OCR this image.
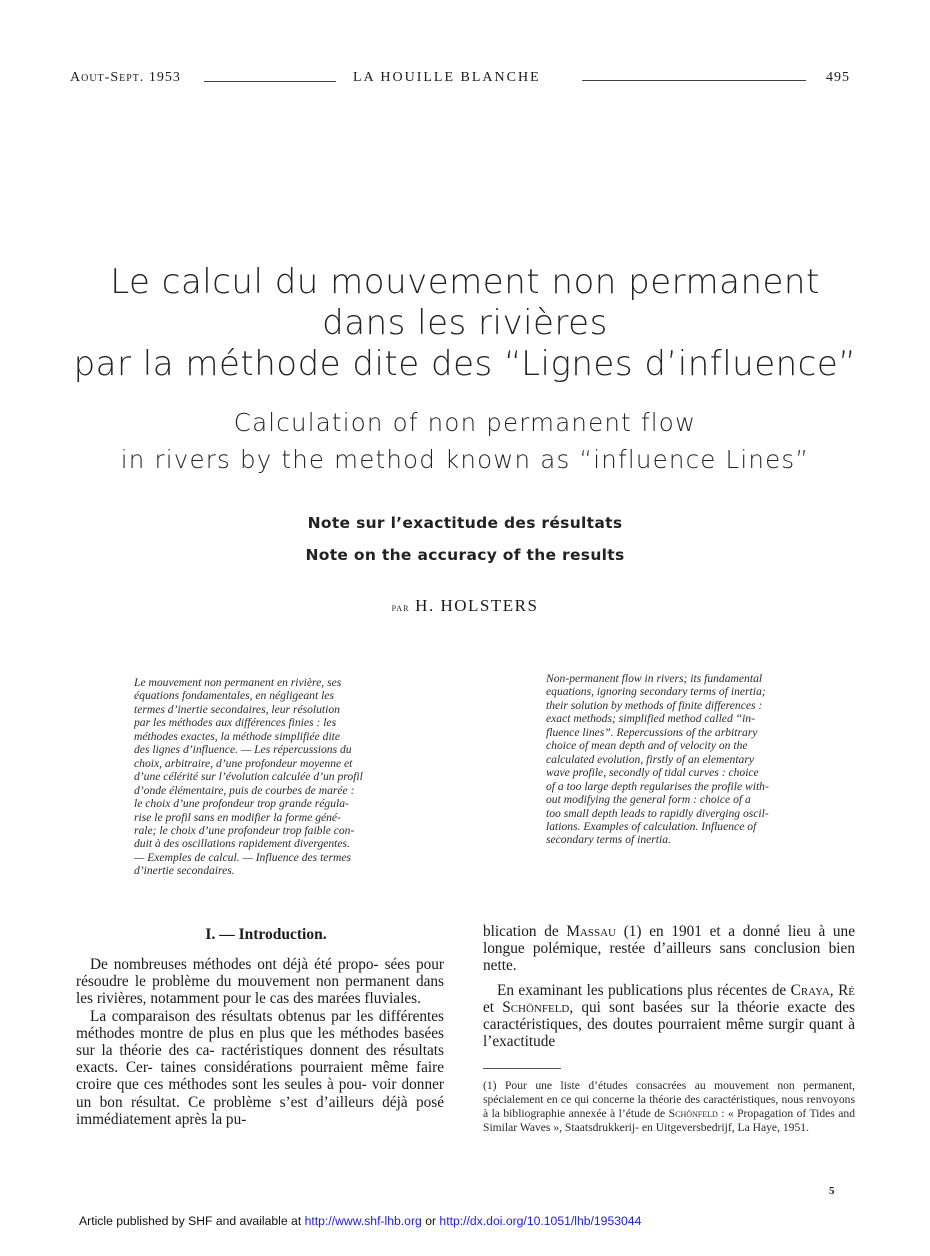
Aout-Sept. 1953	LA HOUILLE BLANCHE	495
Le calcul du mouvement non permanent
dans les rivières
par la méthode dite des “Lignes d’influence”
Calculation of non permanent flow
in rivers by the method known as “influence Lines”
Note sur l’exactitude des résultats
Note on the accuracy of the results
par H. HOLSTERS
Le mouvement non permanent en rivière, ses
équations fondamentales, en négligeant les
termes d’inertie secondaires, leur résolution
par les méthodes aux différences finies : les
méthodes exactes, la méthode simplifiée dite
des lignes d’influence. — Les répercussions du
choix, arbitraire, d’une profondeur moyenne et
d’une célérité sur l’évolution calculée d’un profil
d’onde élémentaire, puis de courbes de marée :
le choix d’une profondeur trop grande régula-
rise le profil sans en modifier la forme géné-
rale; le choix d’une profondeur trop faible con-
duit à des oscillations rapidement divergentes.
— Exemples de calcul. — Influence des termes
d’inertie secondaires.
Non-permanent flow in rivers; its fundamental
equations, ignoring secondary terms of inertia;
their solution by methods of finite differences :
exact methods; simplified method called “in-
fluence lines”. Repercussions of the arbitrary
choice of mean depth and of velocity on the
calculated evolution, firstly of an elementary
wave profile, secondly of tidal curves : choice
of a too large depth regularises the profile with-
out modifying the general form : choice of a
too small depth leads to rapidly diverging oscil-
lations. Examples of calculation. Influence of
secondary terms of inertia.
I. — Introduction.

De nombreuses méthodes ont déjà été propo- sées pour résoudre le problème du mouvement non permanent dans les rivières, notamment pour le cas des marées fluviales.

La comparaison des résultats obtenus par les différentes méthodes montre de plus en plus que les méthodes basées sur la théorie des ca- ractéristiques donnent des résultats exacts. Cer- taines considérations pourraient même faire croire que ces méthodes sont les seules à pou- voir donner un bon résultat. Ce problème s’est d’ailleurs déjà posé immédiatement après la pu-

blication de Massau (1) en 1901 et a donné lieu à une longue polémique, restée d’ailleurs sans conclusion bien nette.

En examinant les publications plus récentes de Craya, Ré et Schönfeld, qui sont basées sur la théorie exacte des caractéristiques, des doutes pourraient même surgir quant à l’exactitude

(1) Pour une liste d’études consacrées au mouvement non permanent, spécialement en ce qui concerne la théorie des caractéristiques, nous renvoyons à la bibliographie annexée à l’étude de Schönfeld : « Propagation of Tides and Similar Waves », Staatsdrukkerij- en Uitgeversbedrijf, La Haye, 1951.
5
Article published by SHF and available at http://www.shf-lhb.org or http://dx.doi.org/10.1051/lhb/1953044
